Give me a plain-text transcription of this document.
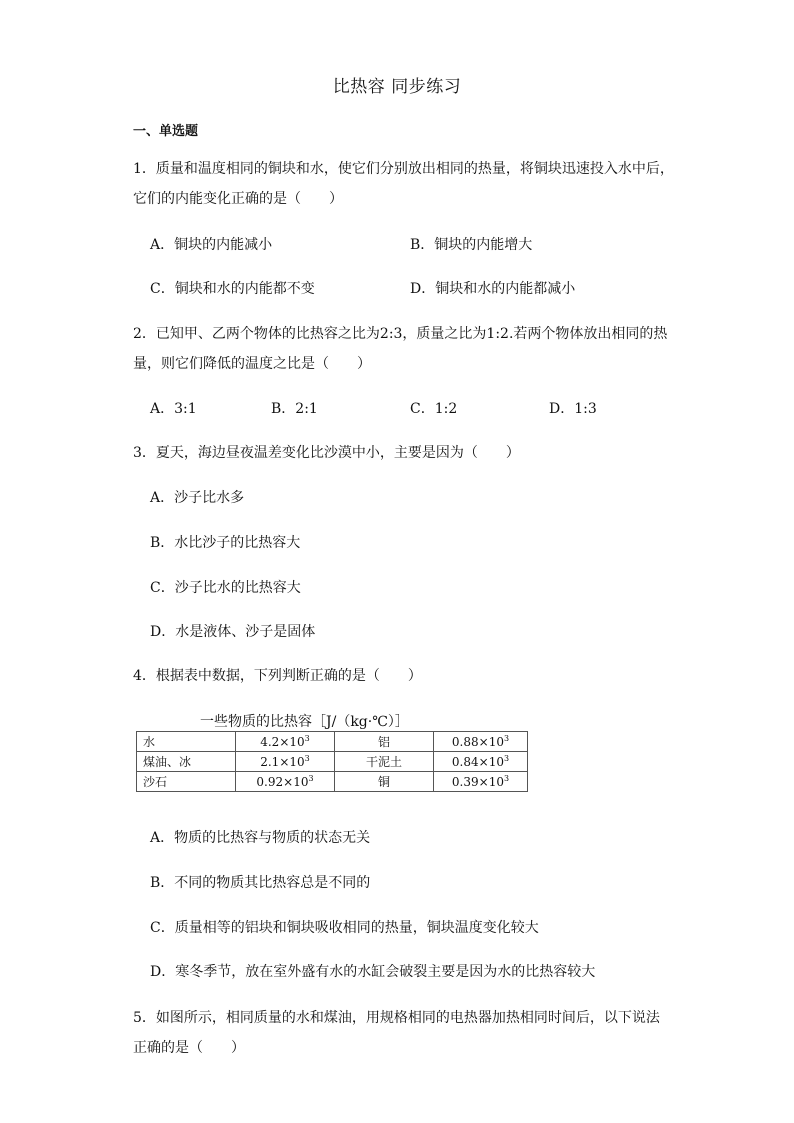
比热容 同步练习
一、单选题
1．质量和温度相同的铜块和水，使它们分别放出相同的热量，将铜块迅速投入水中后，
它们的内能变化正确的是（　　）
A．铜块的内能减小	B．铜块的内能增大
C．铜块和水的内能都不变	D．铜块和水的内能都减小
2．已知甲、乙两个物体的比热容之比为2:3，质量之比为1:2.若两个物体放出相同的热
量，则它们降低的温度之比是（　　）
A．3:1	B．2:1	C．1:2	D．1:3
3．夏天，海边昼夜温差变化比沙漠中小，主要是因为（　　）
A．沙子比水多
B．水比沙子的比热容大
C．沙子比水的比热容大
D．水是液体、沙子是固体
4．根据表中数据，下列判断正确的是（　　）
一些物质的比热容［J/（kg·℃）］
水	$4.2\times 10^3$	铝	$0.88\times 10^3$
煤油、冰	$2.1\times 10^3$	干泥土	$0.84\times 10^3$
沙石	$0.92\times 10^3$	铜	$0.39\times 10^3$
A．物质的比热容与物质的状态无关
B．不同的物质其比热容总是不同的
C．质量相等的铝块和铜块吸收相同的热量，铜块温度变化较大
D．寒冬季节，放在室外盛有水的水缸会破裂主要是因为水的比热容较大
5．如图所示，相同质量的水和煤油，用规格相同的电热器加热相同时间后，以下说法
正确的是（　　）
